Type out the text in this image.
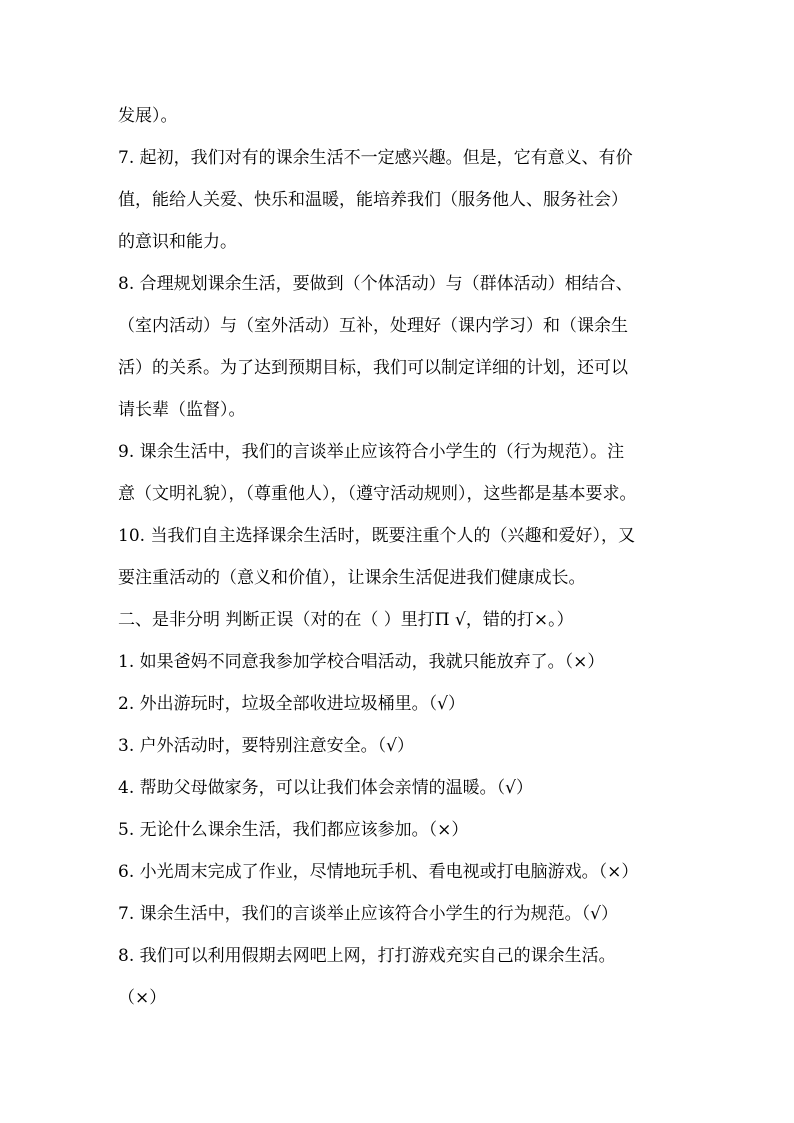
发展）。
7. 起初，我们对有的课余生活不一定感兴趣。但是，它有意义、有价
值，能给人关爱、快乐和温暖，能培养我们（服务他人、服务社会）
的意识和能力。
8. 合理规划课余生活，要做到（个体活动）与（群体活动）相结合、
（室内活动）与（室外活动）互补，处理好（课内学习）和（课余生
活）的关系。为了达到预期目标，我们可以制定详细的计划，还可以
请长辈（监督）。
9. 课余生活中，我们的言谈举止应该符合小学生的（行为规范）。注
意（文明礼貌），（尊重他人），（遵守活动规则），这些都是基本要求。
10. 当我们自主选择课余生活时，既要注重个人的（兴趣和爱好），又
要注重活动的（意义和价值），让课余生活促进我们健康成长。
二、是非分明 判断正误（对的在（ ）里打Π √，错的打×。）
1. 如果爸妈不同意我参加学校合唱活动，我就只能放弃了。（×）
2. 外出游玩时，垃圾全部收进垃圾桶里。（√）
3. 户外活动时，要特别注意安全。（√）
4. 帮助父母做家务，可以让我们体会亲情的温暖。（√）
5. 无论什么课余生活，我们都应该参加。（×）
6. 小光周末完成了作业，尽情地玩手机、看电视或打电脑游戏。（×）
7. 课余生活中，我们的言谈举止应该符合小学生的行为规范。（√）
8. 我们可以利用假期去网吧上网，打打游戏充实自己的课余生活。
（×）
